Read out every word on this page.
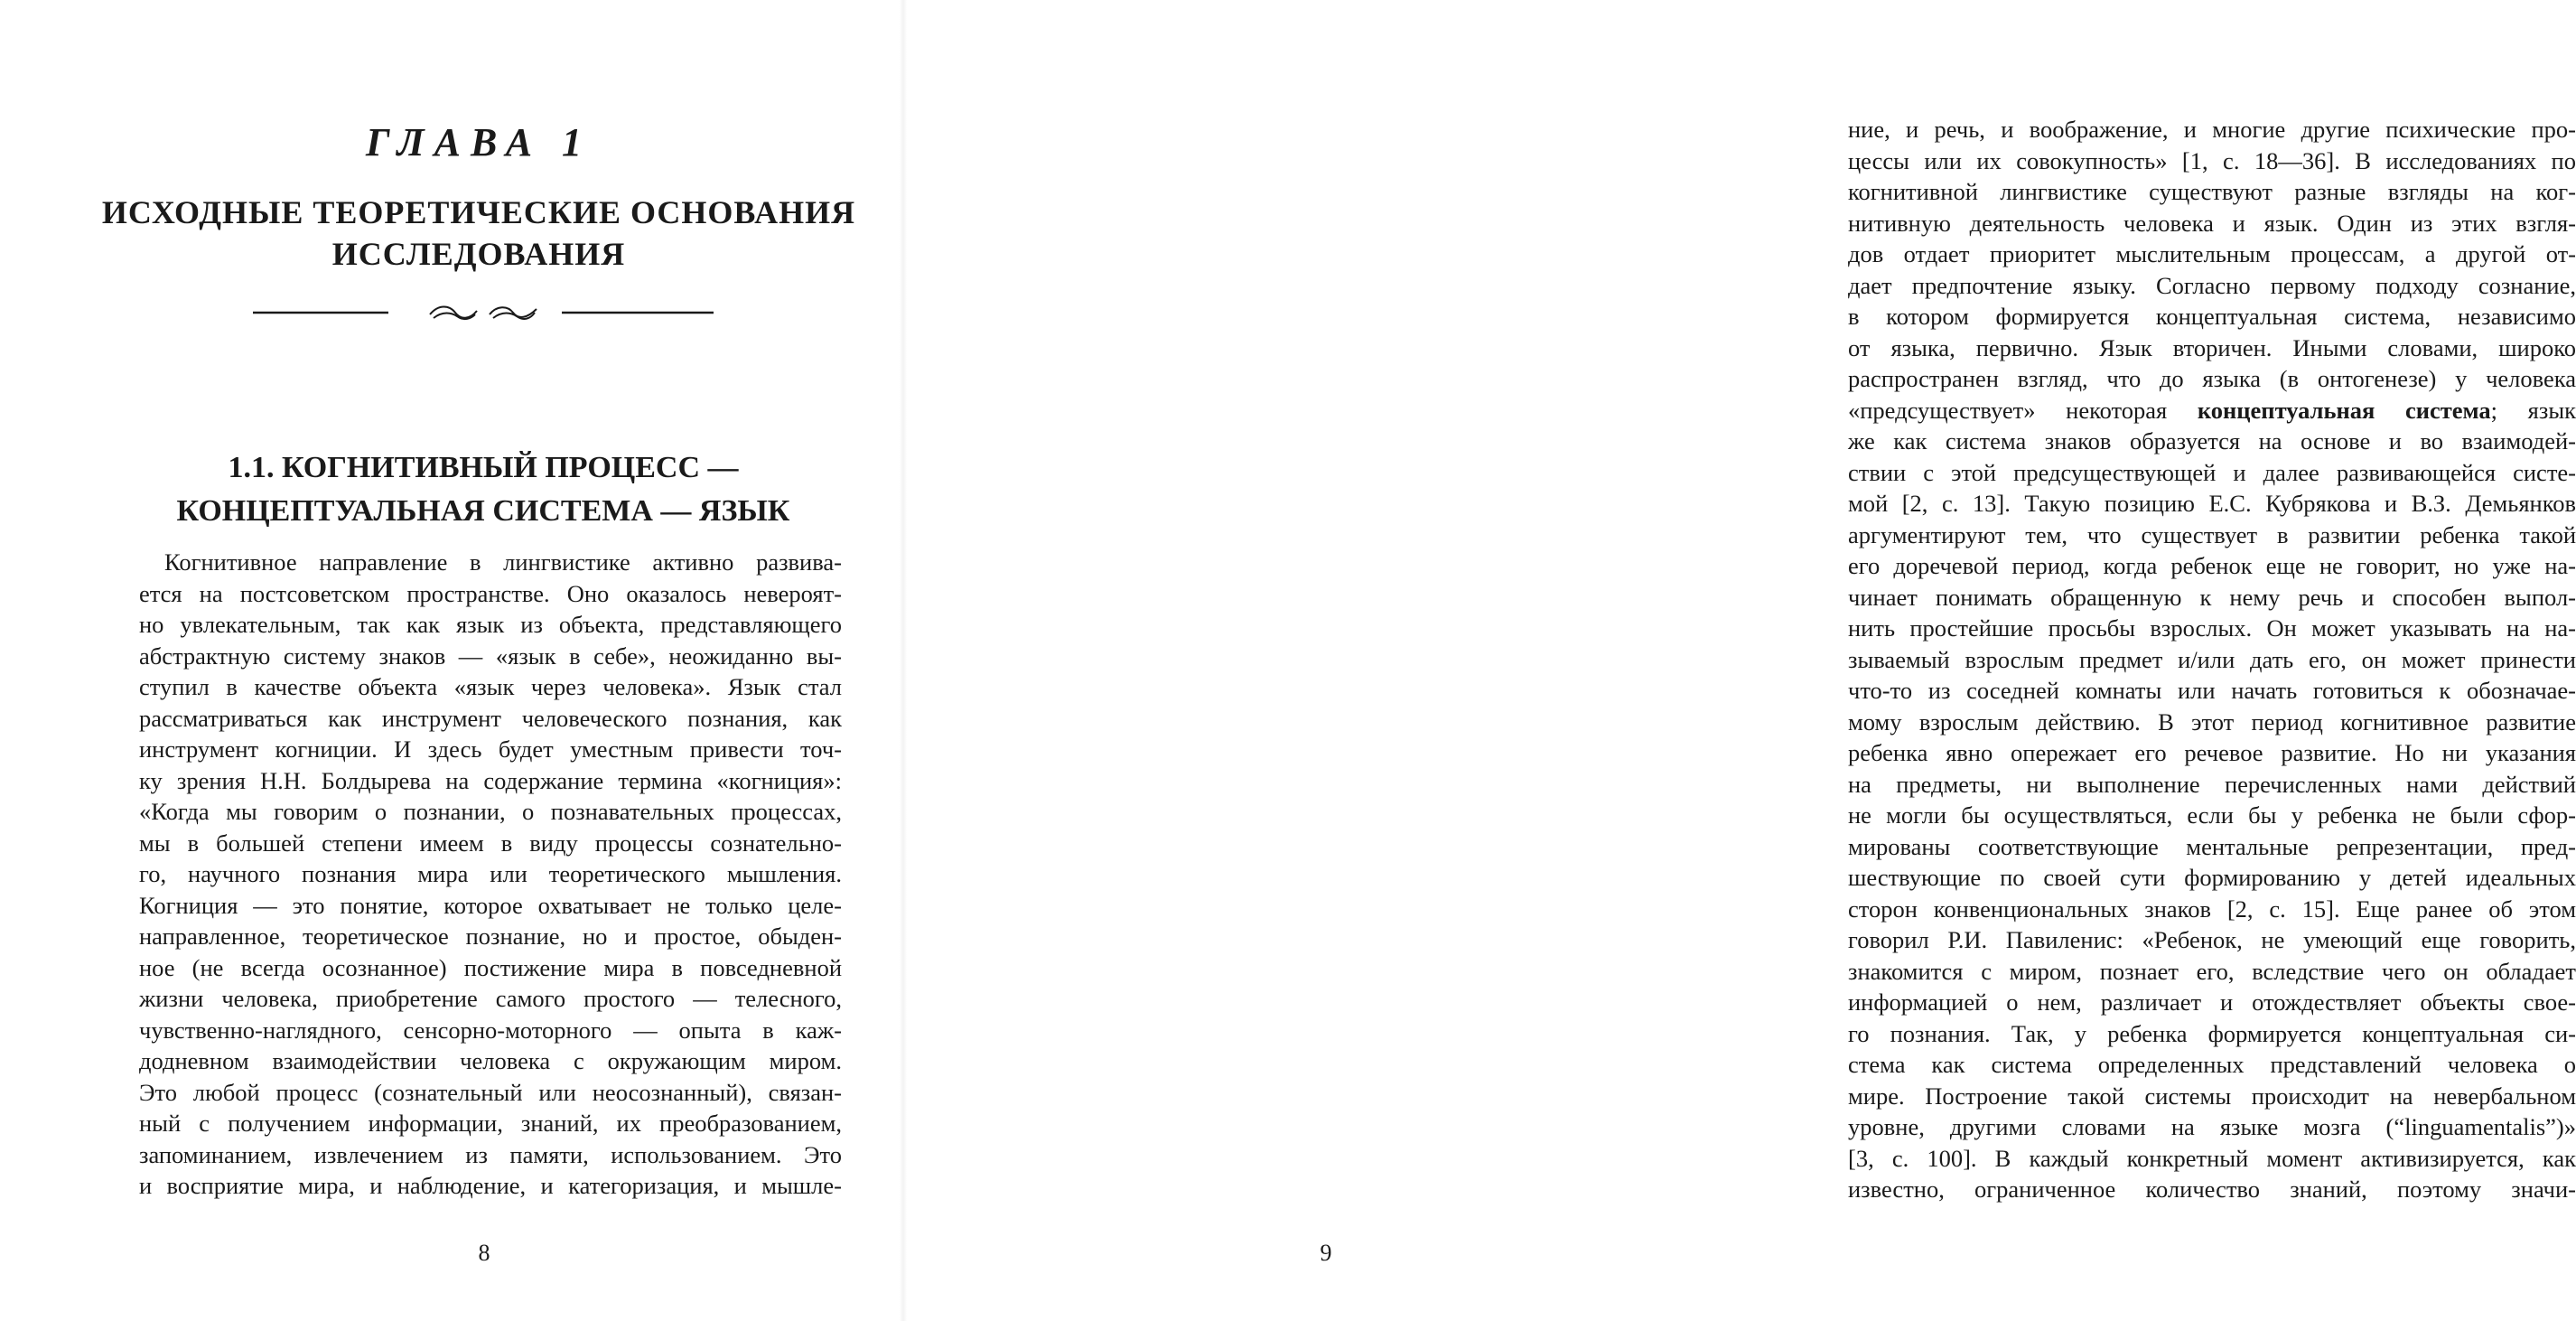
ГЛАВА 1
ИСХОДНЫЕ ТЕОРЕТИЧЕСКИЕ ОСНОВАНИЯ
ИССЛЕДОВАНИЯ
1.1. КОГНИТИВНЫЙ ПРОЦЕСС —
КОНЦЕПТУАЛЬНАЯ СИСТЕМА — ЯЗЫК
Когнитивное направление в лингвистике активно развива-
ется на постсоветском пространстве. Оно оказалось невероят-
но увлекательным, так как язык из объекта, представляющего
абстрактную систему знаков — «язык в себе», неожиданно вы-
ступил в качестве объекта «язык через человека». Язык стал
рассматриваться как инструмент человеческого познания, как
инструмент когниции. И здесь будет уместным привести точ-
ку зрения Н.Н. Болдырева на содержание термина «когниция»:
«Когда мы говорим о познании, о познавательных процессах,
мы в большей степени имеем в виду процессы сознательно-
го, научного познания мира или теоретического мышления.
Когниция — это понятие, которое охватывает не только целе-
направленное, теоретическое познание, но и простое, обыден-
ное (не всегда осознанное) постижение мира в повседневной
жизни человека, приобретение самого простого — телесного,
чувственно-наглядного, сенсорно-моторного — опыта в каж-
додневном взаимодействии человека с окружающим миром.
Это любой процесс (сознательный или неосознанный), связан-
ный с получением информации, знаний, их преобразованием,
запоминанием, извлечением из памяти, использованием. Это
и восприятие мира, и наблюдение, и категоризация, и мышле-
8
ние, и речь, и воображение, и многие другие психические про-
цессы или их совокупность» [1, с. 18—36]. В исследованиях по
когнитивной лингвистике существуют разные взгляды на ког-
нитивную деятельность человека и язык. Один из этих взгля-
дов отдает приоритет мыслительным процессам, а другой от-
дает предпочтение языку. Согласно первому подходу сознание,
в котором формируется концептуальная система, независимо
от языка, первично. Язык вторичен. Иными словами, широко
распространен взгляд, что до языка (в онтогенезе) у человека
«предсуществует» некоторая концептуальная система; язык
же как система знаков образуется на основе и во взаимодей-
ствии с этой предсуществующей и далее развивающейся систе-
мой [2, с. 13]. Такую позицию Е.С. Кубрякова и В.З. Демьянков
аргументируют тем, что существует в развитии ребенка такой
его доречевой период, когда ребенок еще не говорит, но уже на-
чинает понимать обращенную к нему речь и способен выпол-
нить простейшие просьбы взрослых. Он может указывать на на-
зываемый взрослым предмет и/или дать его, он может принести
что-то из соседней комнаты или начать готовиться к обозначае-
мому взрослым действию. В этот период когнитивное развитие
ребенка явно опережает его речевое развитие. Но ни указания
на предметы, ни выполнение перечисленных нами действий
не могли бы осуществляться, если бы у ребенка не были сфор-
мированы соответствующие ментальные репрезентации, пред-
шествующие по своей сути формированию у детей идеальных
сторон конвенциональных знаков [2, с. 15]. Еще ранее об этом
говорил Р.И. Павиленис: «Ребенок, не умеющий еще говорить,
знакомится с миром, познает его, вследствие чего он обладает
информацией о нем, различает и отождествляет объекты свое-
го познания. Так, у ребенка формируется концептуальная си-
стема как система определенных представлений человека о
мире. Построение такой системы происходит на невербальном
уровне, другими словами на языке мозга (“linguamentalis”)»
[3, с. 100]. В каждый конкретный момент активизируется, как
известно, ограниченное количество знаний, поэтому значи-
9
